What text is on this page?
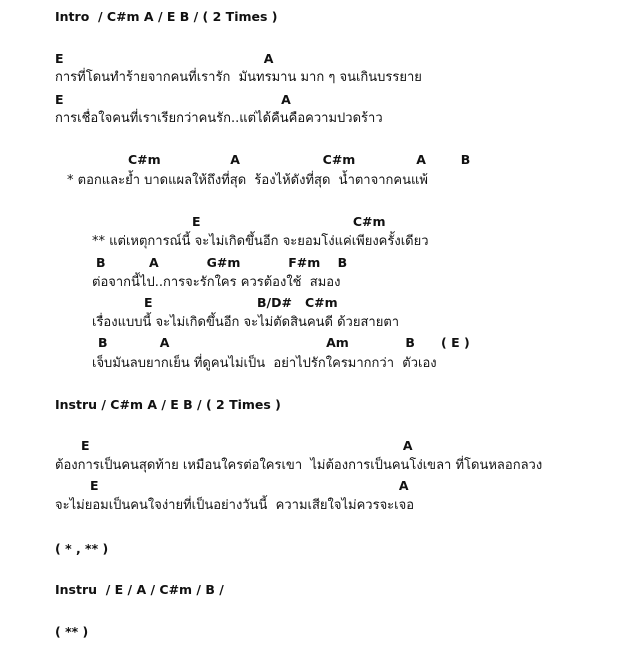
Intro  / C#m A / E B / ( 2 Times )
E                                              A
การที่โดนทำร้ายจากคนที่เรารัก  มันทรมาน มาก ๆ จนเกินบรรยาย
E                                                  A
การเชื่อใจคนที่เราเรียกว่าคนรัก..แต่ได้คืนคือความปวดร้าว
C#m                A                   C#m              A        B
* ตอกและย้ำ บาดแผลให้ถึงที่สุด  ร้องไห้ดังที่สุด  น้ำตาจากคนแพ้
E                                   C#m
** แต่เหตุการณ์นี้ จะไม่เกิดขึ้นอีก จะยอมโง่แค่เพียงครั้งเดียว
B          A           G#m           F#m    B
ต่อจากนี้ไป..การจะรักใคร ควรต้องใช้  สมอง
E                        B/D#   C#m
เรื่องแบบนี้ จะไม่เกิดขึ้นอีก จะไม่ตัดสินคนดี ด้วยสายตา
B            A                                    Am             B      ( E )
เจ็บมันลบยากเย็น ที่ดูคนไม่เป็น  อย่าไปรักใครมากกว่า  ตัวเอง
Instru / C#m A / E B / ( 2 Times )
E                                                                        A
ต้องการเป็นคนสุดท้าย เหมือนใครต่อใครเขา  ไม่ต้องการเป็นคนโง่เขลา ที่โดนหลอกลวง
E                                                                     A
จะไม่ยอมเป็นคนใจง่ายที่เป็นอย่างวันนี้  ความเสียใจไม่ควรจะเจอ
( * , ** )
Instru  / E / A / C#m / B /
( ** )
